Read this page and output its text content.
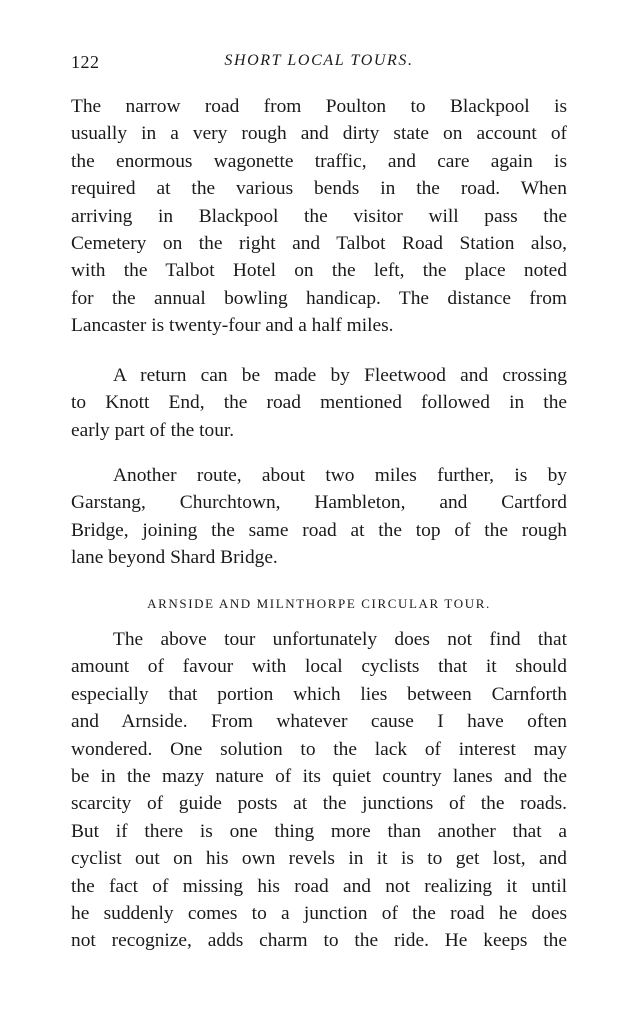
122	SHORT LOCAL TOURS.
The narrow road from Poulton to Blackpool is
usually in a very rough and dirty state on account of
the enormous wagonette traffic, and care again is
required at the various bends in the road. When
arriving in Blackpool the visitor will pass the
Cemetery on the right and Talbot Road Station also,
with the Talbot Hotel on the left, the place noted
for the annual bowling handicap. The distance from
Lancaster is twenty-four and a half miles.
A return can be made by Fleetwood and crossing
to Knott End, the road mentioned followed in the
early part of the tour.
Another route, about two miles further, is by
Garstang, Churchtown, Hambleton, and Cartford
Bridge, joining the same road at the top of the rough
lane beyond Shard Bridge.
ARNSIDE AND MILNTHORPE CIRCULAR TOUR.
The above tour unfortunately does not find that
amount of favour with local cyclists that it should
especially that portion which lies between Carnforth
and Arnside. From whatever cause I have often
wondered. One solution to the lack of interest may
be in the mazy nature of its quiet country lanes and the
scarcity of guide posts at the junctions of the roads.
But if there is one thing more than another that a
cyclist out on his own revels in it is to get lost, and
the fact of missing his road and not realizing it until
he suddenly comes to a junction of the road he does
not recognize, adds charm to the ride. He keeps the
